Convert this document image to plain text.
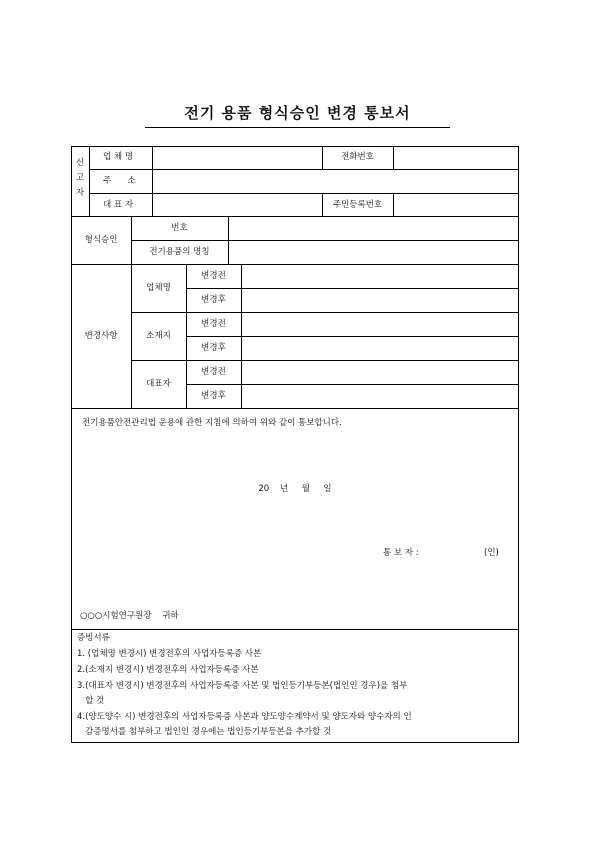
전기 용품 형식승인 변경 통보서
신
고
자
업 체 명
주      소
대 표 자
전화번호
주민등록번호
형식승인
번호
전기용품의 명칭
변경사항
업체명
변경전
변경후
소재지
변경전
변경후
대표자
변경전
변경후
전기용품안전관리법 운용에 관한 지침에 의하여 위와 같이 통보합니다.
20    년     월     일
통 보 자 :	(인)
○○○시험연구원장    귀하
증빙서류
1. (업체명 변경시) 변경전후의 사업자등록증 사본
2.(소재지 변경시) 변경전후의 사업자등록증 사본
3.(대표자 변경시) 변경전후의 사업자등록증 사본 및 법인등기부등본(법인인 경우)을 첨부
할 것
4.(양도양수 시) 변경전후의 사업자등록증 사본과 양도양수계약서 및 양도자와 양수자의 인
감증명서를 첨부하고 법인인 경우에는 법인등기부등본을 추가할 것
